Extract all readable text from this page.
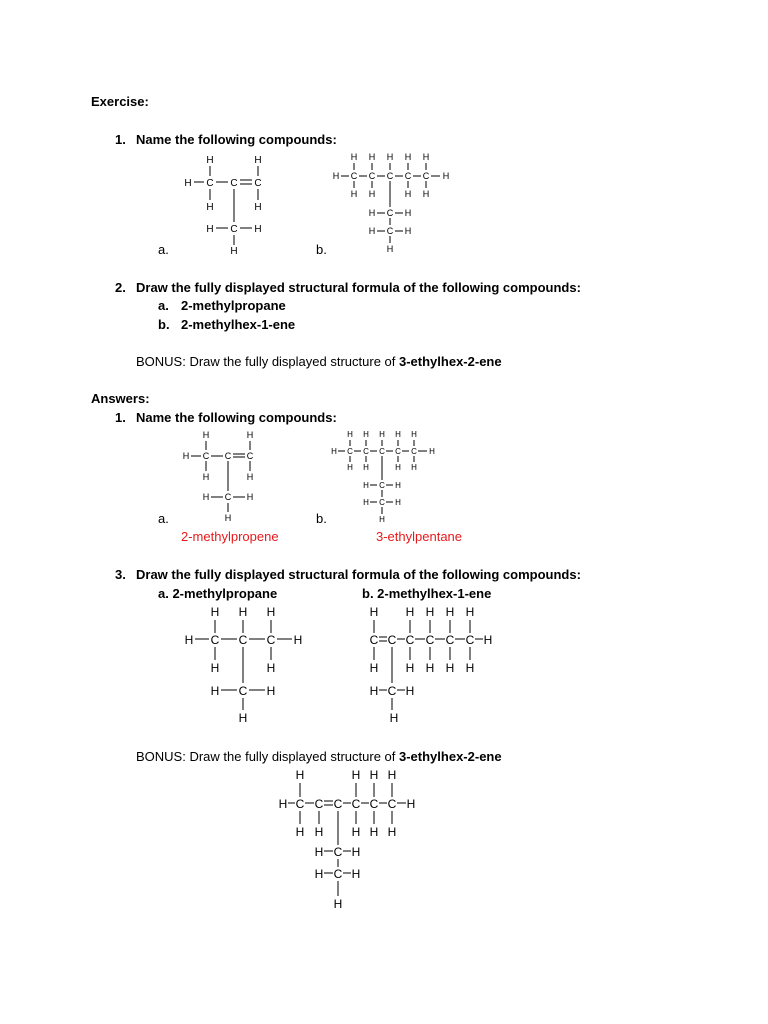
Exercise:
1. Name the following compounds:
H	H
H C C C
H	H
H C H
H
a.
H H H H H
H C C C C C H
H H	H H
H C H
H C H
H
b.
2. Draw the fully displayed structural formula of the following compounds:
a. 2-methylpropane
b. 2-methylhex-1-ene
BONUS: Draw the fully displayed structure of 3-ethylhex-2-ene
Answers:
1. Name the following compounds:
H	H
H C C C
H	H
H C H
H
a.
2-methylpropene
H H H H H
H C C C C C H
H H	H H
H C H
H C H
H
b.
3-ethylpentane
3. Draw the fully displayed structural formula of the following compounds:
a. 2-methylpropane	b. 2-methylhex-1-ene
H H H
H C C C H
H	H
H C H
H
H H H H H
C C C C C C H
H H H H H
H C H
H
BONUS: Draw the fully displayed structure of 3-ethylhex-2-ene
H	H H H
H C C C C C C H
H H H H H
H C H
H C H
H
